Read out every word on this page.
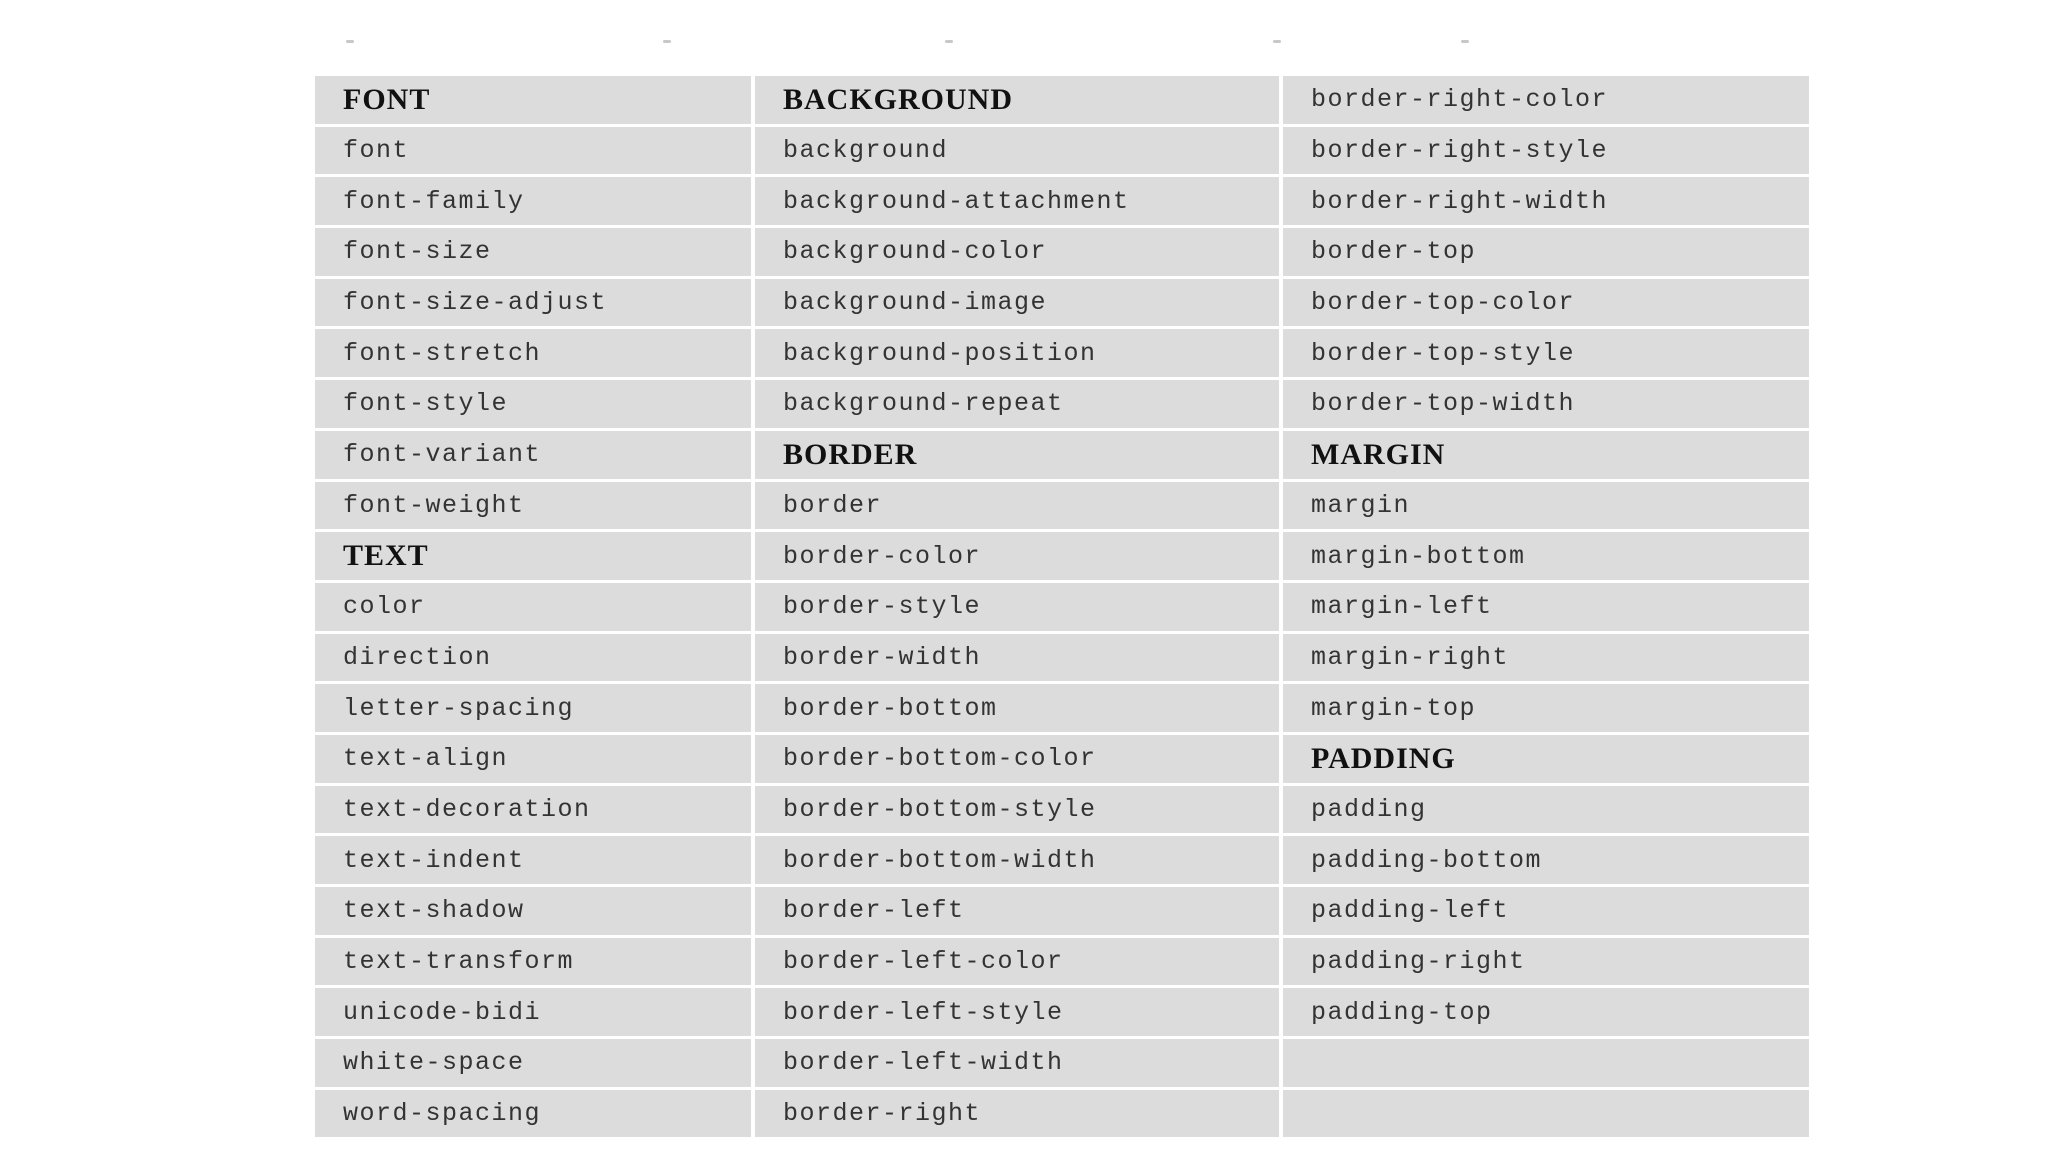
FONT	BACKGROUND	border-right-color
font	background	border-right-style
font-family	background-attachment	border-right-width
font-size	background-color	border-top
font-size-adjust	background-image	border-top-color
font-stretch	background-position	border-top-style
font-style	background-repeat	border-top-width
font-variant	BORDER	MARGIN
font-weight	border	margin
TEXT	border-color	margin-bottom
color	border-style	margin-left
direction	border-width	margin-right
letter-spacing	border-bottom	margin-top
text-align	border-bottom-color	PADDING
text-decoration	border-bottom-style	padding
text-indent	border-bottom-width	padding-bottom
text-shadow	border-left	padding-left
text-transform	border-left-color	padding-right
unicode-bidi	border-left-style	padding-top
white-space	border-left-width
word-spacing	border-right
